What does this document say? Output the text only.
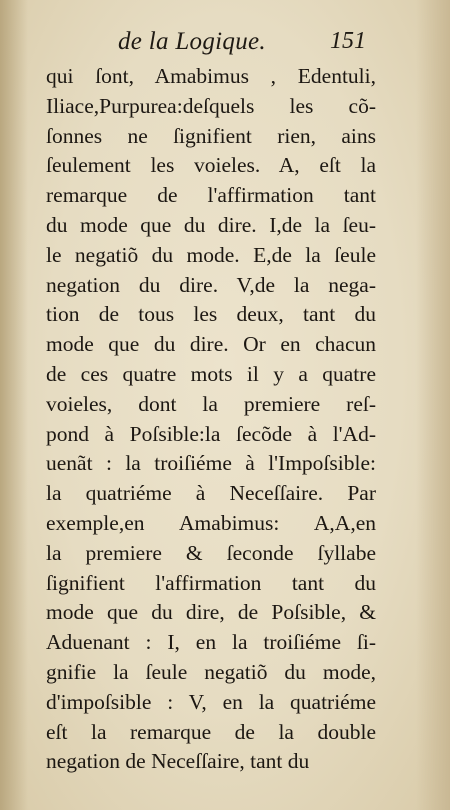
de la Logique.	151
qui ſont, Amabimus , Edentuli,
Iliace,Purpurea:deſquels les cõ-
ſonnes ne ſignifient rien, ains
ſeulement les voieles. A, eſt la
remarque de l'affirmation tant
du mode que du dire. I,de la ſeu-
le negatiõ du mode. E,de la ſeule
negation du dire. V,de la nega-
tion de tous les deux, tant du
mode que du dire. Or en chacun
de ces quatre mots il y a quatre
voieles, dont la premiere reſ-
pond à Poſsible:la ſecõde à l'Ad-
uenãt : la troiſiéme à l'Impoſsible:
la quatriéme à Neceſſaire. Par
exemple,en Amabimus: A,A,en
la premiere & ſeconde ſyllabe
ſignifient l'affirmation tant du
mode que du dire, de Poſsible, &
Aduenant : I, en la troiſiéme ſi-
gnifie la ſeule negatiõ du mode,
d'impoſsible : V, en la quatriéme
eſt la remarque de la double
negation de Neceſſaire, tant du
